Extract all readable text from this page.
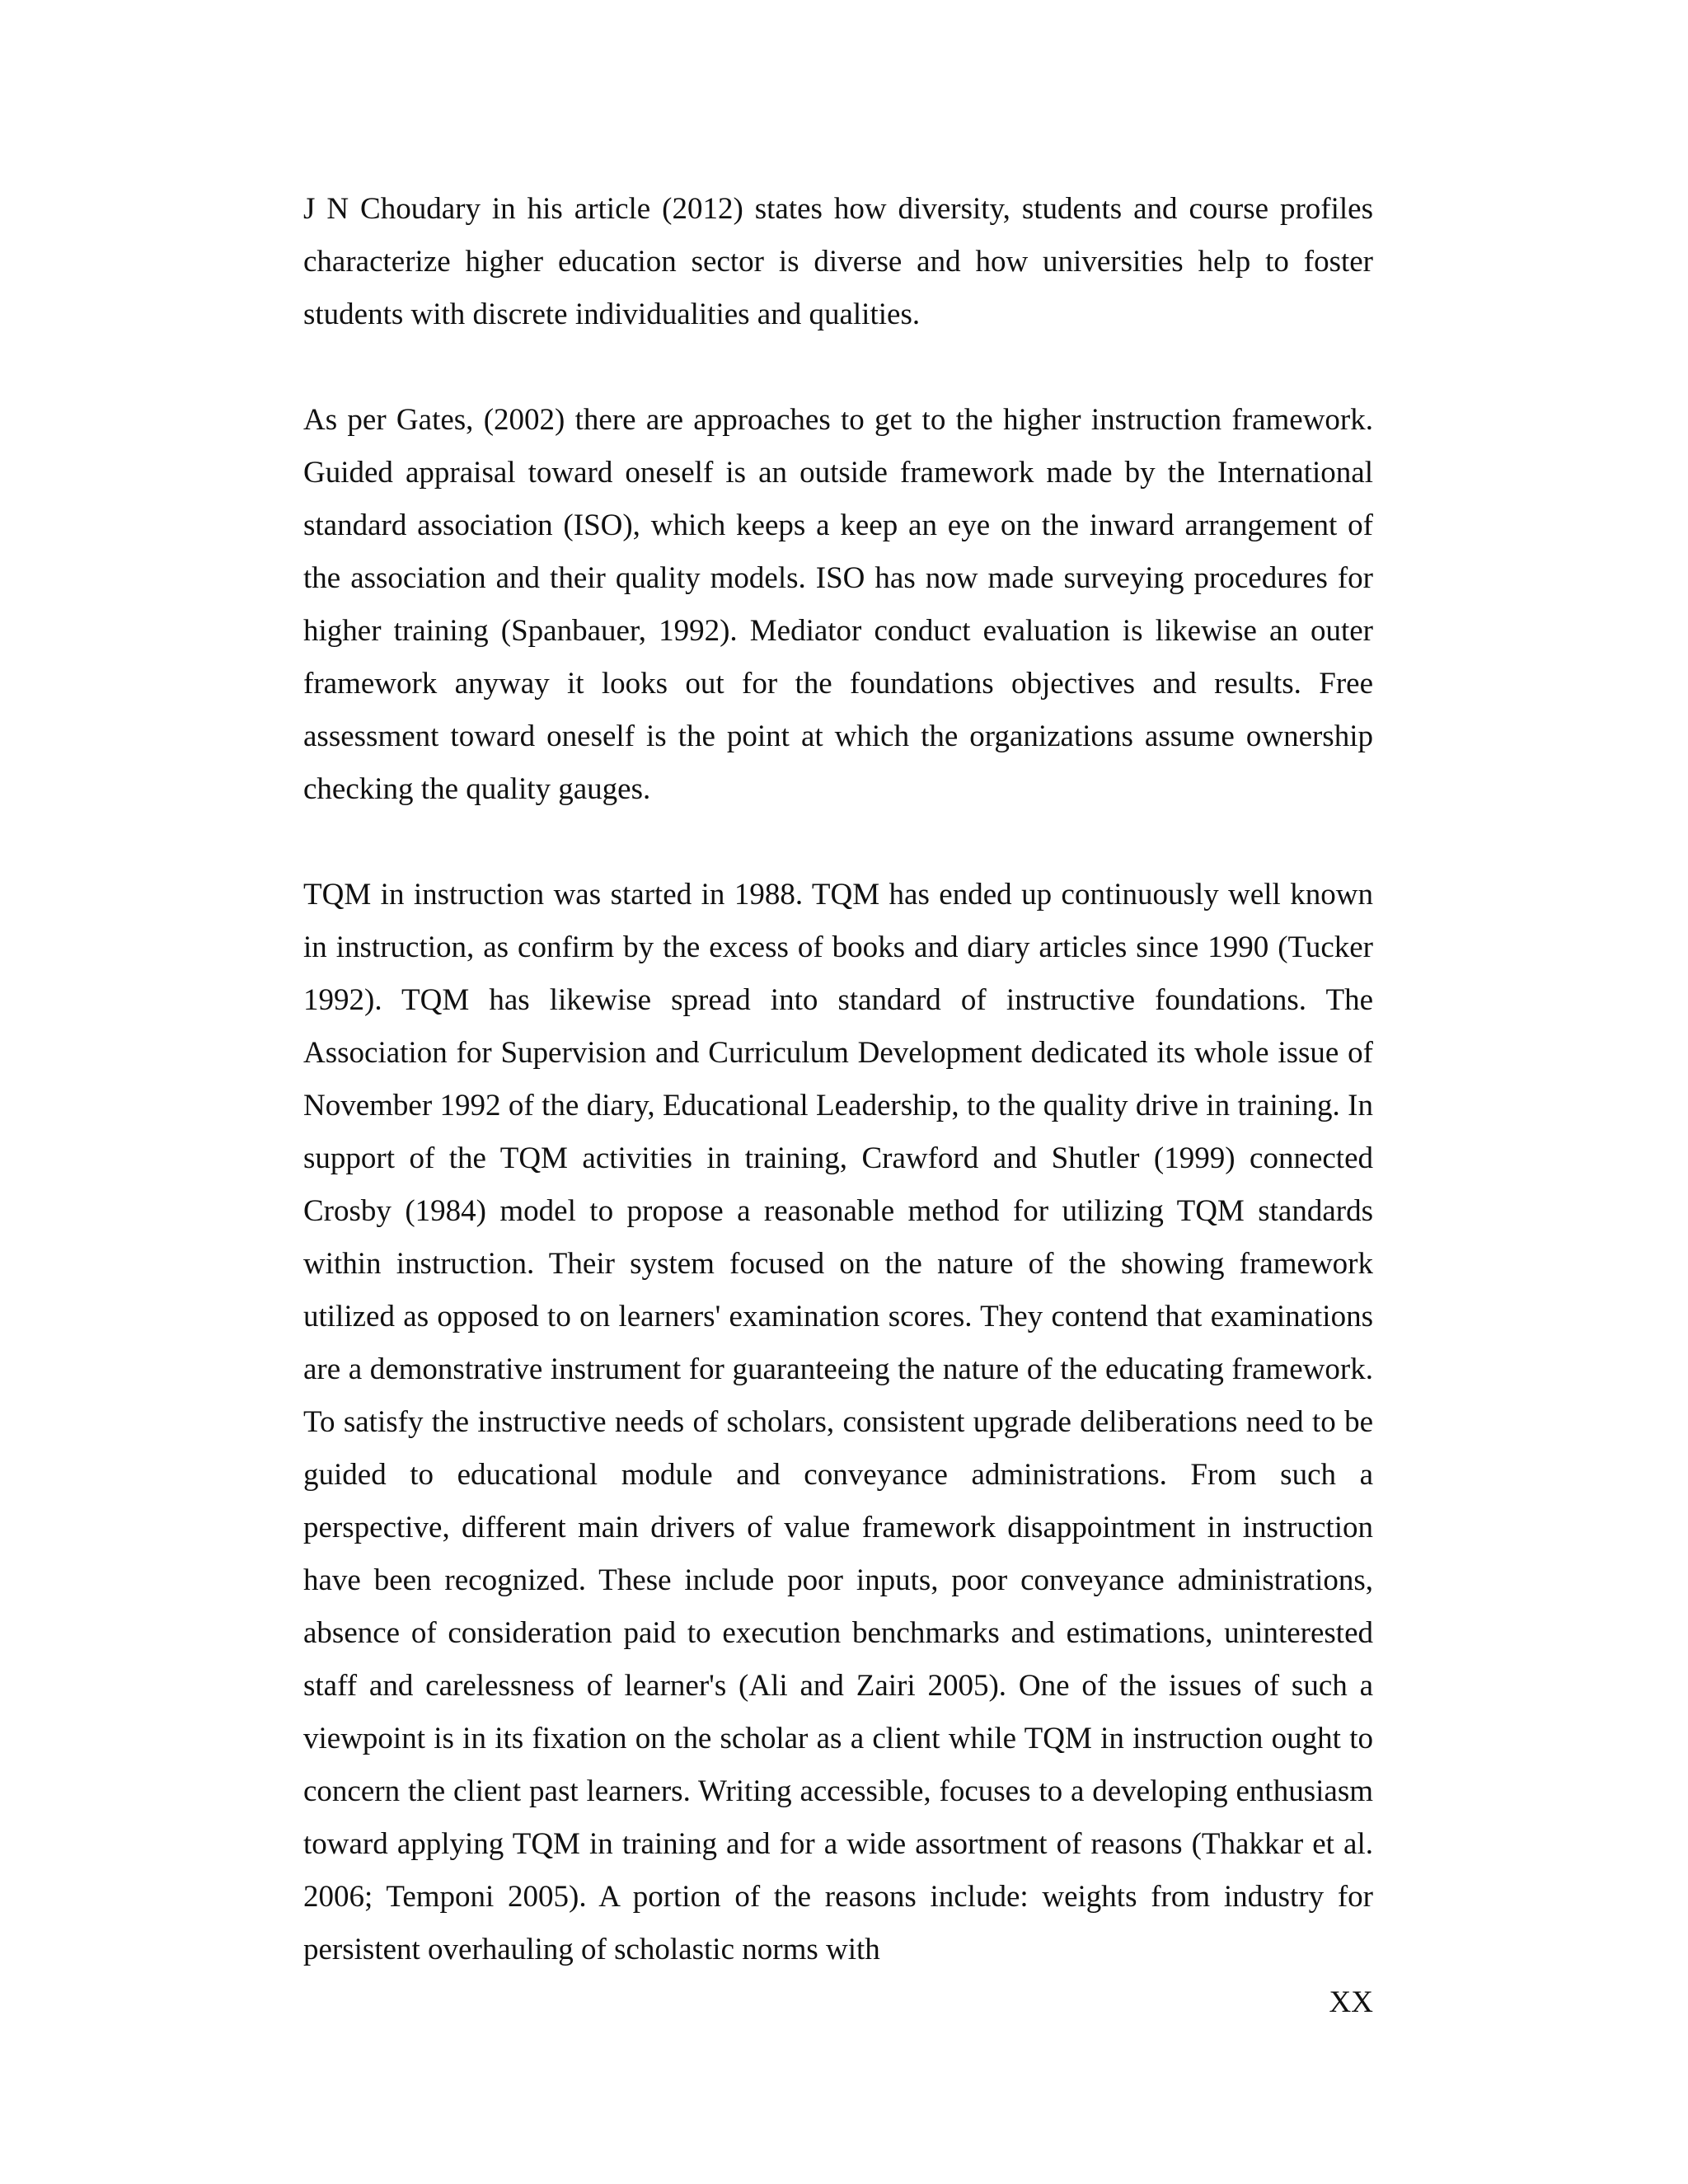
J N Choudary in his article (2012) states how diversity, students and course profiles characterize higher education sector is diverse and how universities help to foster students with discrete individualities and qualities.

As per Gates, (2002) there are approaches to get to the higher instruction framework. Guided appraisal toward oneself is an outside framework made by the International standard association (ISO), which keeps a keep an eye on the inward arrangement of the association and their quality models. ISO has now made surveying procedures for higher training (Spanbauer, 1992). Mediator conduct evaluation is likewise an outer framework anyway it looks out for the foundations objectives and results. Free assessment toward oneself is the point at which the organizations assume ownership checking the quality gauges.

TQM in instruction was started in 1988. TQM has ended up continuously well known in instruction, as confirm by the excess of books and diary articles since 1990 (Tucker 1992). TQM has likewise spread into standard of instructive foundations. The Association for Supervision and Curriculum Development dedicated its whole issue of November 1992 of the diary, Educational Leadership, to the quality drive in training. In support of the TQM activities in training, Crawford and Shutler (1999) connected Crosby (1984) model to propose a reasonable method for utilizing TQM standards within instruction. Their system focused on the nature of the showing framework utilized as opposed to on learners' examination scores. They contend that examinations are a demonstrative instrument for guaranteeing the nature of the educating framework. To satisfy the instructive needs of scholars, consistent upgrade deliberations need to be guided to educational module and conveyance administrations. From such a perspective, different main drivers of value framework disappointment in instruction have been recognized. These include poor inputs, poor conveyance administrations, absence of consideration paid to execution benchmarks and estimations, uninterested staff and carelessness of learner's (Ali and Zairi 2005). One of the issues of such a viewpoint is in its fixation on the scholar as a client while TQM in instruction ought to concern the client past learners. Writing accessible, focuses to a developing enthusiasm toward applying TQM in training and for a wide assortment of reasons (Thakkar et al. 2006; Temponi 2005). A portion of the reasons include: weights from industry for persistent overhauling of scholastic norms with

XX
